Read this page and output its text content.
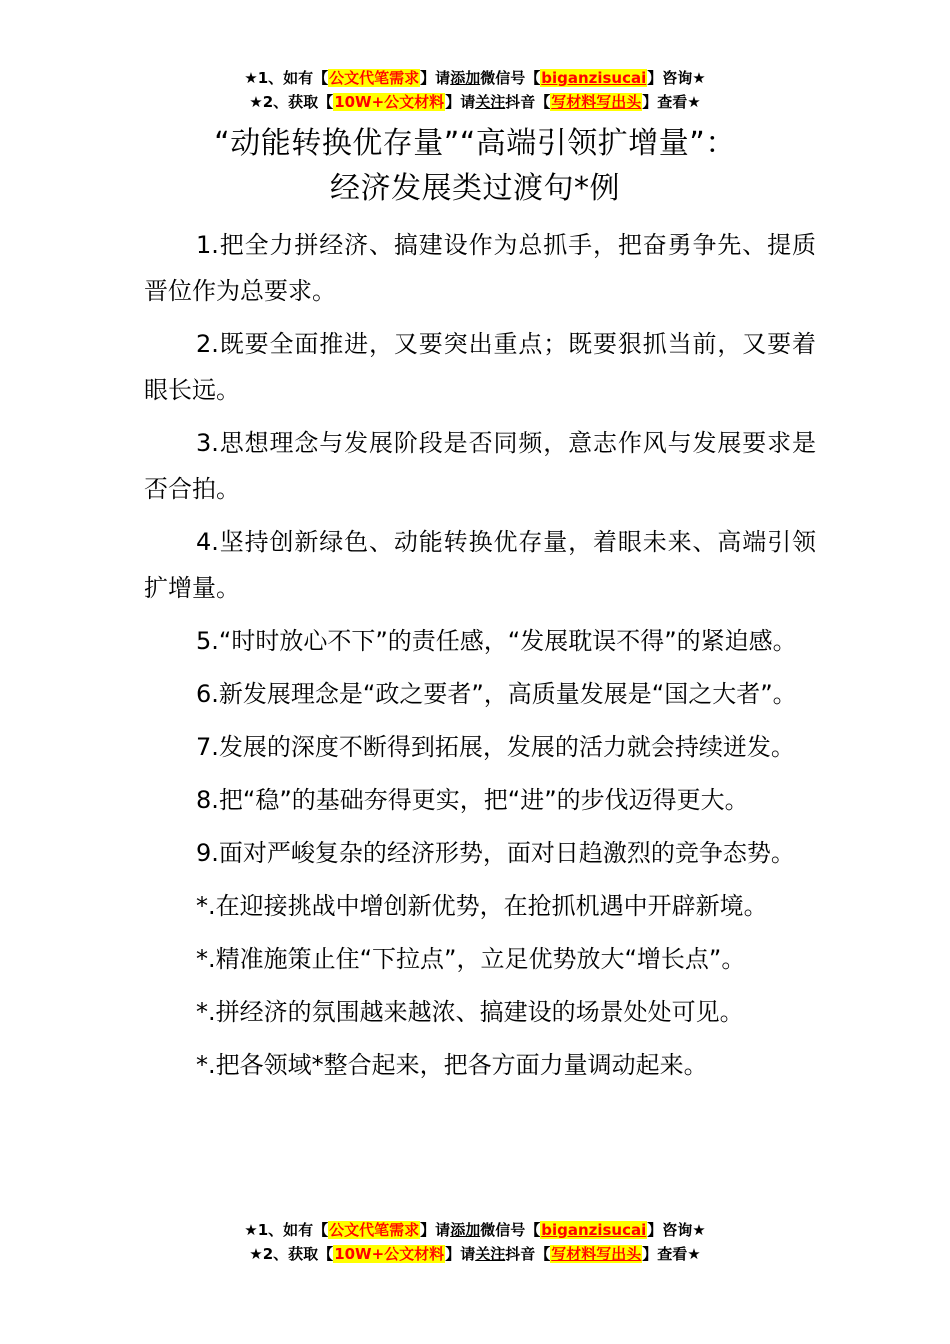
★1、如有【公文代笔需求】请添加微信号【biganzisucai】咨询★
★2、获取【10W+公文材料】请关注抖音【写材料写出头】查看★
“动能转换优存量”“高端引领扩增量”：
经济发展类过渡句*例

1.把全力拼经济、搞建设作为总抓手，把奋勇争先、提质晋位作为总要求。

2.既要全面推进，又要突出重点；既要狠抓当前，又要着眼长远。

3.思想理念与发展阶段是否同频，意志作风与发展要求是否合拍。

4.坚持创新绿色、动能转换优存量，着眼未来、高端引领扩增量。

5.“时时放心不下”的责任感，“发展耽误不得”的紧迫感。

6.新发展理念是“政之要者”，高质量发展是“国之大者”。

7.发展的深度不断得到拓展，发展的活力就会持续迸发。

8.把“稳”的基础夯得更实，把“进”的步伐迈得更大。

9.面对严峻复杂的经济形势，面对日趋激烈的竞争态势。

*.在迎接挑战中增创新优势，在抢抓机遇中开辟新境。

*.精准施策止住“下拉点”，立足优势放大“增长点”。

*.拼经济的氛围越来越浓、搞建设的场景处处可见。

*.把各领域*整合起来，把各方面力量调动起来。

★1、如有【公文代笔需求】请添加微信号【biganzisucai】咨询★
★2、获取【10W+公文材料】请关注抖音【写材料写出头】查看★
